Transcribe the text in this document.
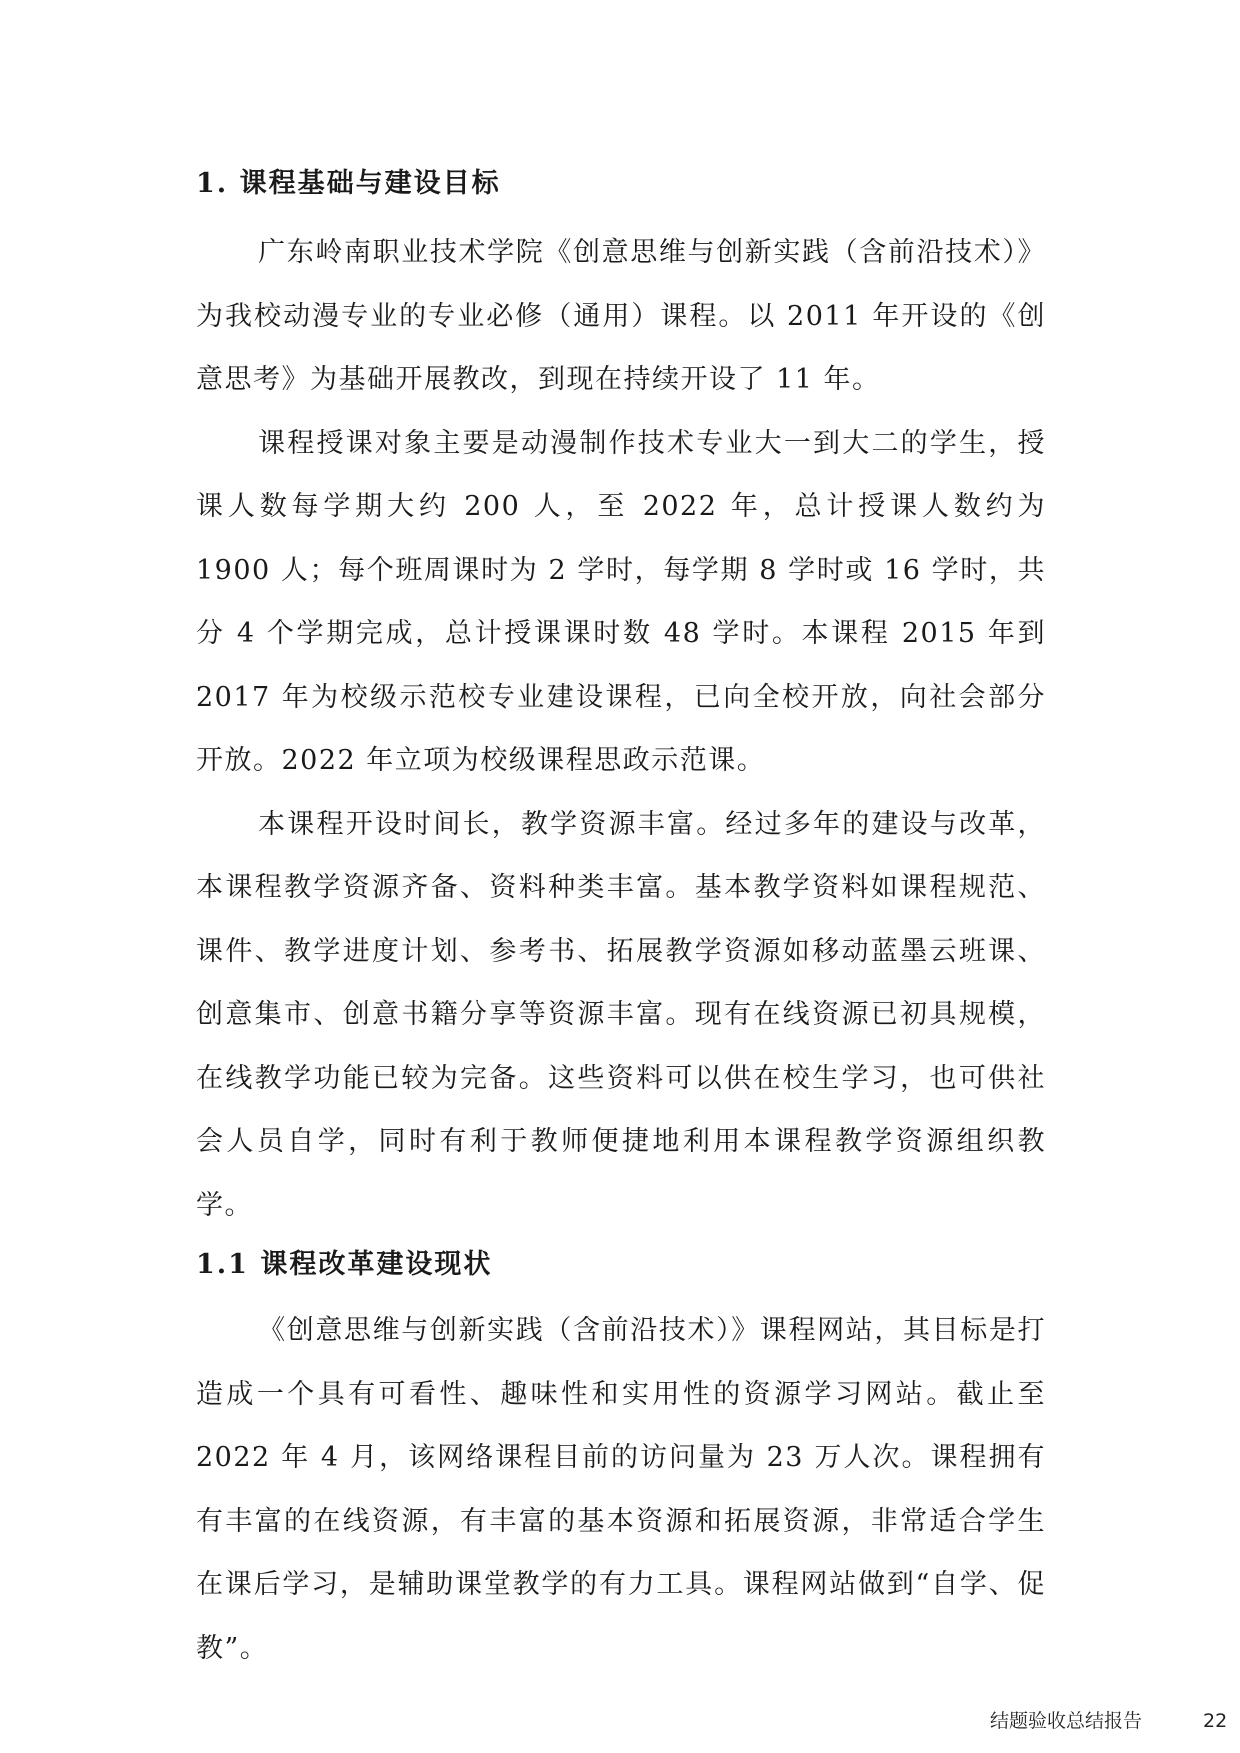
1. 课程基础与建设目标

广东岭南职业技术学院《创意思维与创新实践（含前沿技术）》为我校动漫专业的专业必修（通用）课程。以 2011 年开设的《创意思考》为基础开展教改，到现在持续开设了 11 年。

课程授课对象主要是动漫制作技术专业大一到大二的学生，授课人数每学期大约 200 人，至 2022 年，总计授课人数约为 1900 人；每个班周课时为 2 学时，每学期 8 学时或 16 学时，共分 4 个学期完成，总计授课课时数 48 学时。本课程 2015 年到 2017 年为校级示范校专业建设课程，已向全校开放，向社会部分开放。2022 年立项为校级课程思政示范课。

本课程开设时间长，教学资源丰富。经过多年的建设与改革，本课程教学资源齐备、资料种类丰富。基本教学资料如课程规范、课件、教学进度计划、参考书、拓展教学资源如移动蓝墨云班课、创意集市、创意书籍分享等资源丰富。现有在线资源已初具规模，在线教学功能已较为完备。这些资料可以供在校生学习，也可供社会人员自学，同时有利于教师便捷地利用本课程教学资源组织教学。

1.1 课程改革建设现状

《创意思维与创新实践（含前沿技术）》课程网站，其目标是打造成一个具有可看性、趣味性和实用性的资源学习网站。截止至 2022 年 4 月，该网络课程目前的访问量为 23 万人次。课程拥有有丰富的在线资源，有丰富的基本资源和拓展资源，非常适合学生在课后学习，是辅助课堂教学的有力工具。课程网站做到“自学、促教”。

结题验收总结报告	22
